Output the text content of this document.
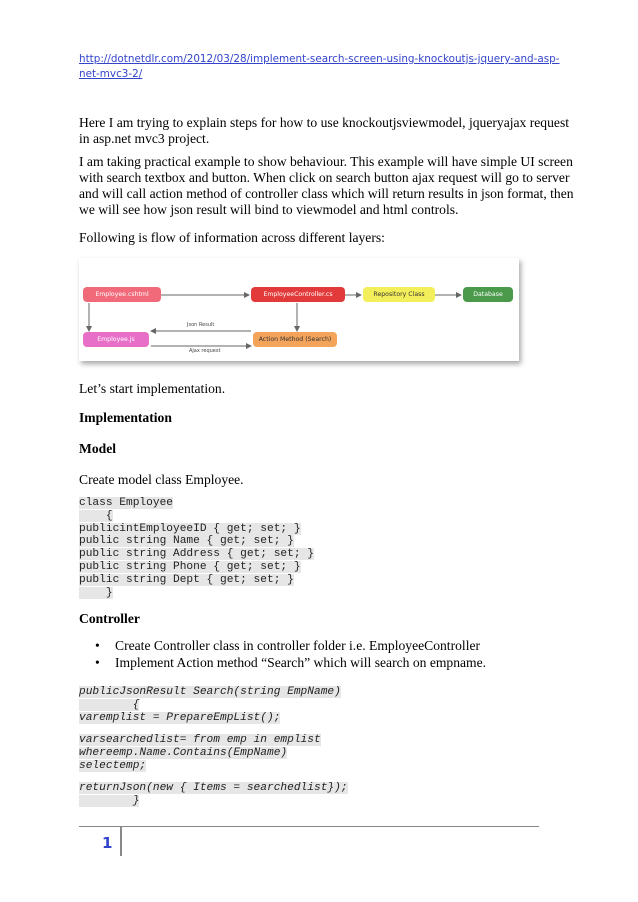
http://dotnetdlr.com/2012/03/28/implement-search-screen-using-knockoutjs-jquery-and-asp-net-mvc3-2/
Here I am trying to explain steps for how to use knockoutjsviewmodel, jqueryajax request in asp.net mvc3 project.
I am taking practical example to show behaviour. This example will have simple UI screen with search textbox and button. When click on search button ajax request will go to server and will call action method of controller class which will return results in json format, then we will see how json result will bind to viewmodel and html controls.
Following is flow of information across different layers:
Employee.cshtml	EmployeeController.cs	Repository Class	Database
Employee.js	Action Method (Search)
Json Result
Ajax request
Let’s start implementation.
Implementation
Model
Create model class Employee.
class Employee
{
publicintEmployeeID { get; set; }
public string Name { get; set; }
public string Address { get; set; }
public string Phone { get; set; }
public string Dept { get; set; }
}
Controller
• Create Controller class in controller folder i.e. EmployeeController
• Implement Action method “Search” which will search on empname.
publicJsonResult Search(string EmpName)
{
varemplist = PrepareEmpList();
varsearchedlist= from emp in emplist
whereemp.Name.Contains(EmpName)
selectemp;
returnJson(new { Items = searchedlist});
}
1
